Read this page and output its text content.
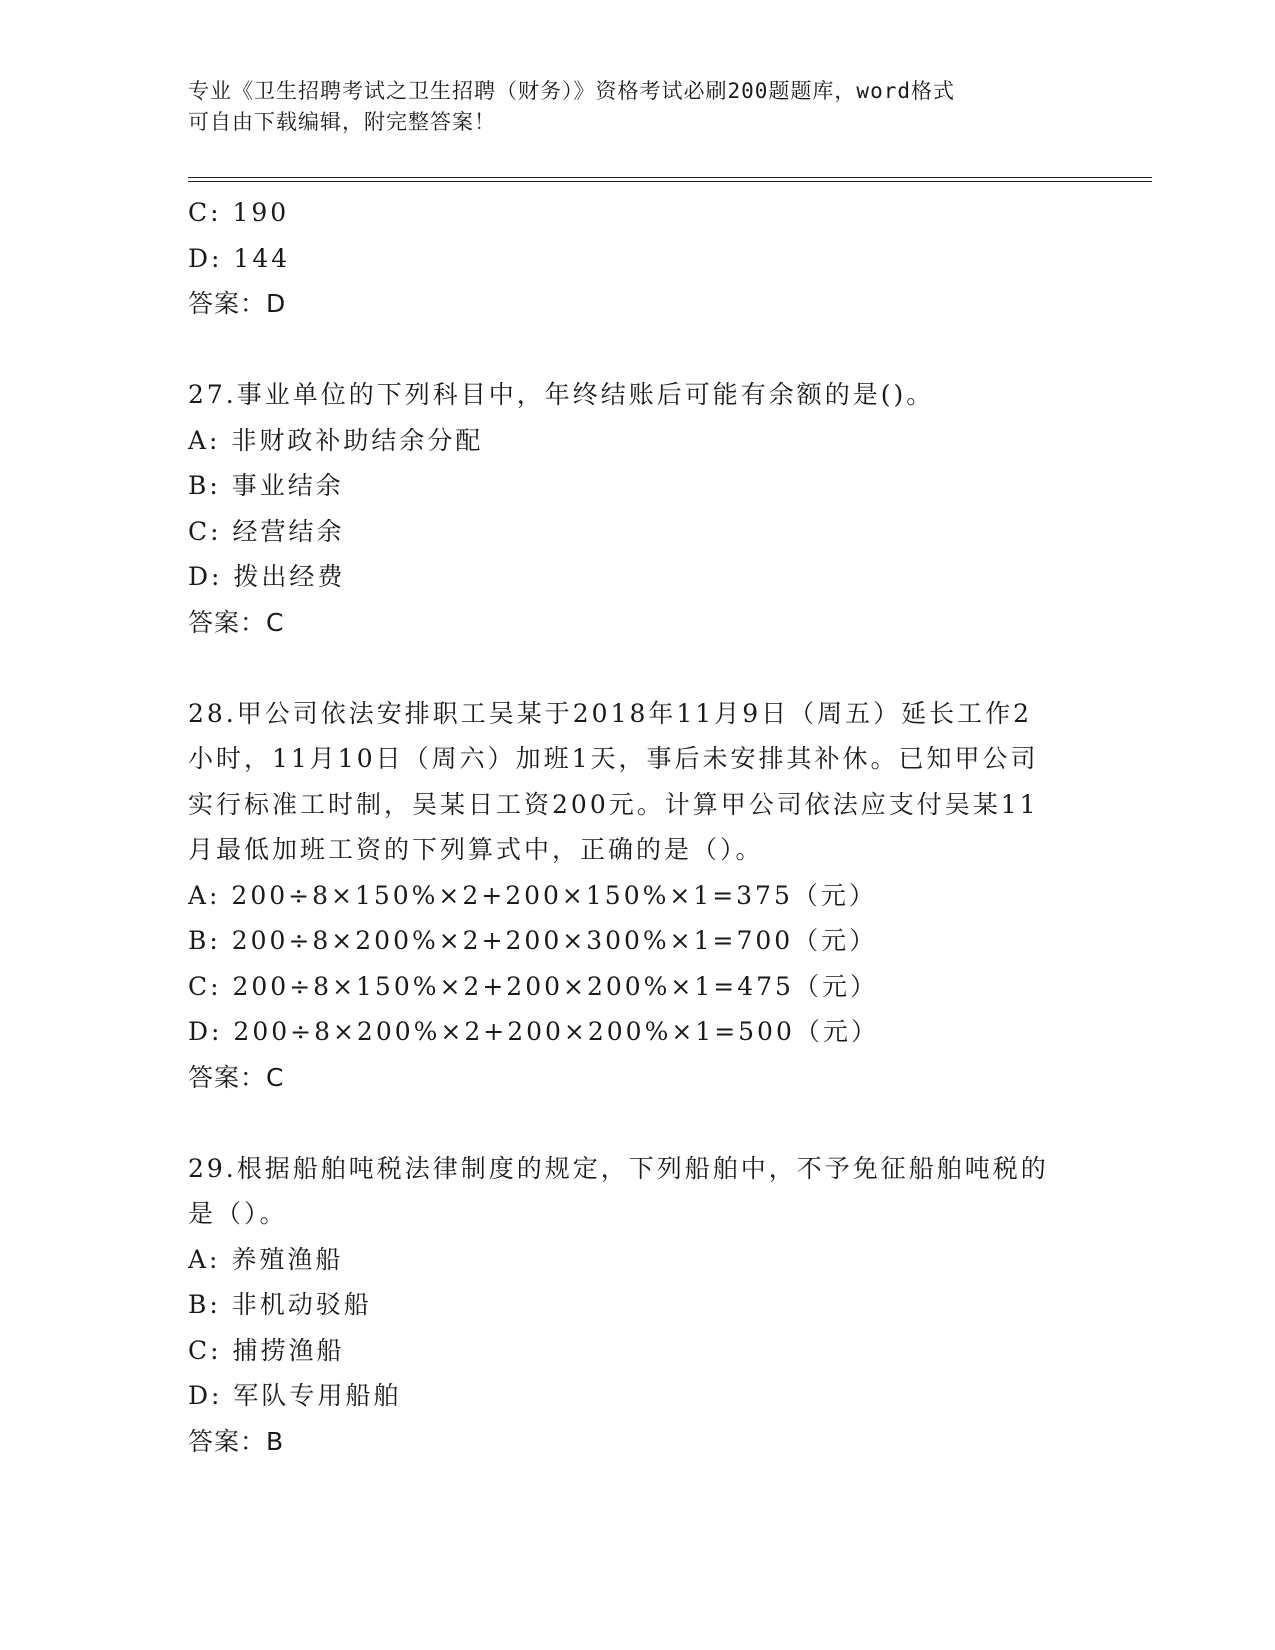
专业《卫生招聘考试之卫生招聘（财务）》资格考试必刷200题题库，word格式
可自由下载编辑，附完整答案！
C: 190
D: 144
答案：D
27.事业单位的下列科目中，年终结账后可能有余额的是()。
A: 非财政补助结余分配
B: 事业结余
C: 经营结余
D: 拨出经费
答案：C
28.甲公司依法安排职工吴某于2018年11月9日（周五）延长工作2
小时，11月10日（周六）加班1天，事后未安排其补休。已知甲公司
实行标准工时制，吴某日工资200元。计算甲公司依法应支付吴某11
月最低加班工资的下列算式中，正确的是（）。
A: 200÷8×150%×2+200×150%×1=375（元）
B: 200÷8×200%×2+200×300%×1=700（元）
C: 200÷8×150%×2+200×200%×1=475（元）
D: 200÷8×200%×2+200×200%×1=500（元）
答案：C
29.根据船舶吨税法律制度的规定，下列船舶中，不予免征船舶吨税的
是（）。
A: 养殖渔船
B: 非机动驳船
C: 捕捞渔船
D: 军队专用船舶
答案：B
